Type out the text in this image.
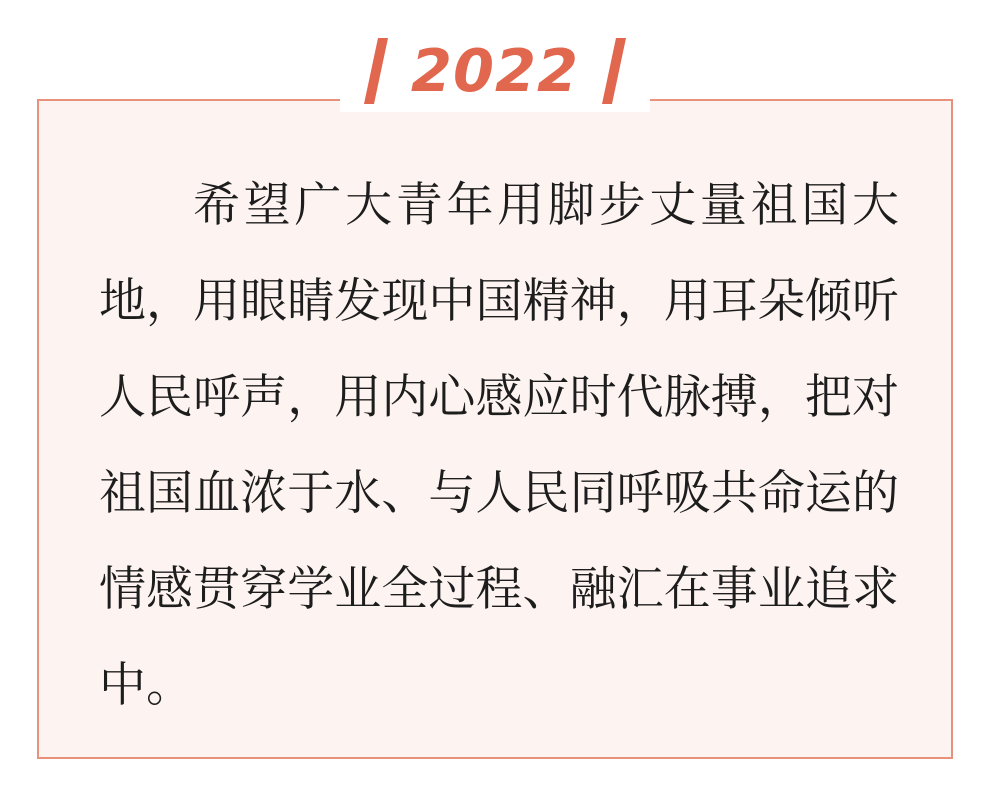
希望广大青年用脚步丈量祖国大地，用眼睛发现中国精神，用耳朵倾听人民呼声，用内心感应时代脉搏，把对祖国血浓于水、与人民同呼吸共命运的情感贯穿学业全过程、融汇在事业追求中。
2022
